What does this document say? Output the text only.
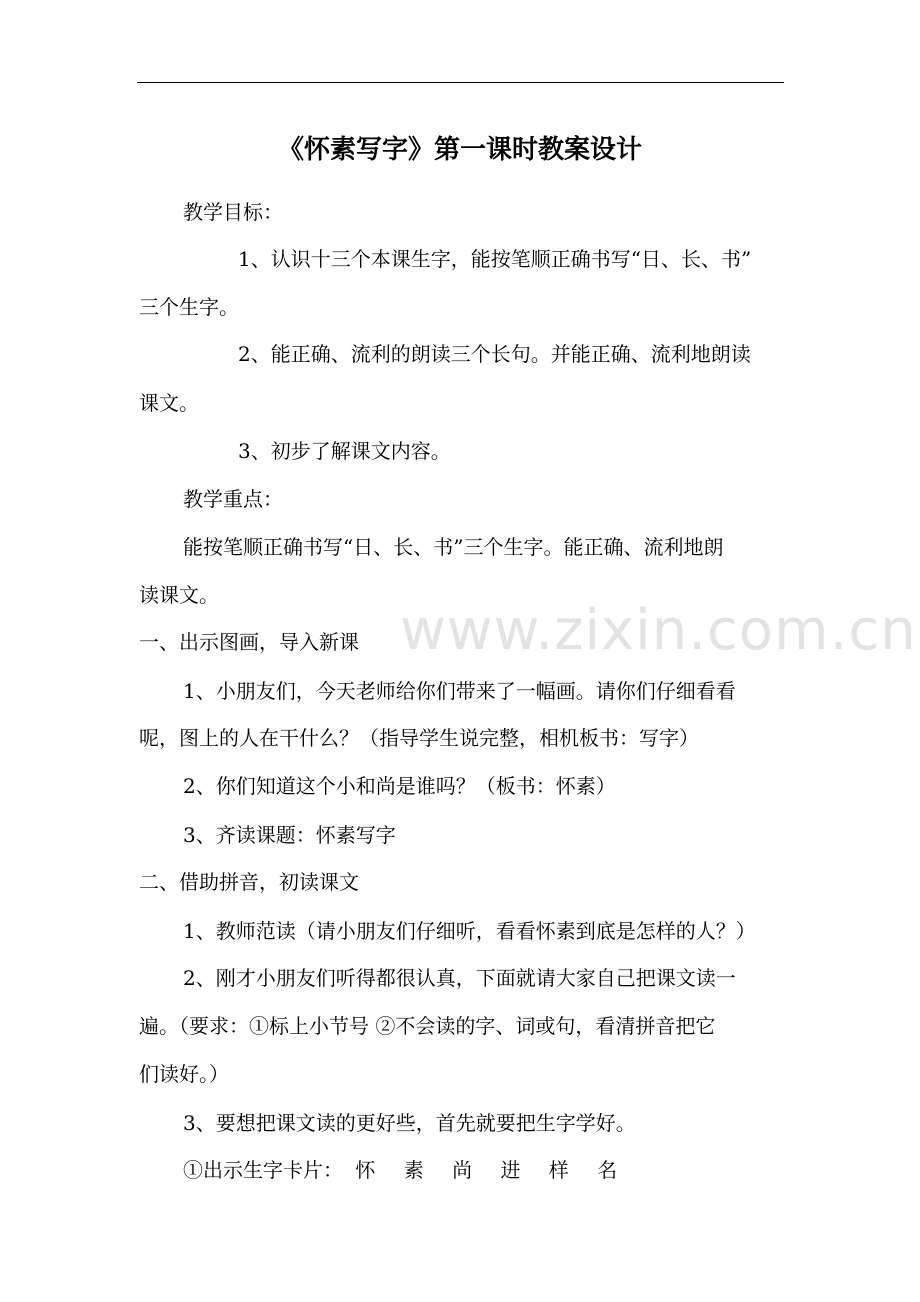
《怀素写字》第一课时教案设计
www.zixin.com.cn
教学目标：
1、认识十三个本课生字，能按笔顺正确书写“日、长、书”
三个生字。
2、能正确、流利的朗读三个长句。并能正确、流利地朗读
课文。
3、初步了解课文内容。
教学重点：
能按笔顺正确书写“日、长、书”三个生字。能正确、流利地朗
读课文。
一、出示图画，导入新课
1、小朋友们，今天老师给你们带来了一幅画。请你们仔细看看
呢，图上的人在干什么？（指导学生说完整，相机板书：写字）
2、你们知道这个小和尚是谁吗？（板书：怀素）
3、齐读课题：怀素写字
二、借助拼音，初读课文
1、教师范读（请小朋友们仔细听，看看怀素到底是怎样的人？）
2、刚才小朋友们听得都很认真，下面就请大家自己把课文读一
遍。（要求：①标上小节号 ②不会读的字、词或句，看清拼音把它
们读好。）
3、要想把课文读的更好些，首先就要把生字学好。
①出示生字卡片： 怀 素 尚 进 样 名
